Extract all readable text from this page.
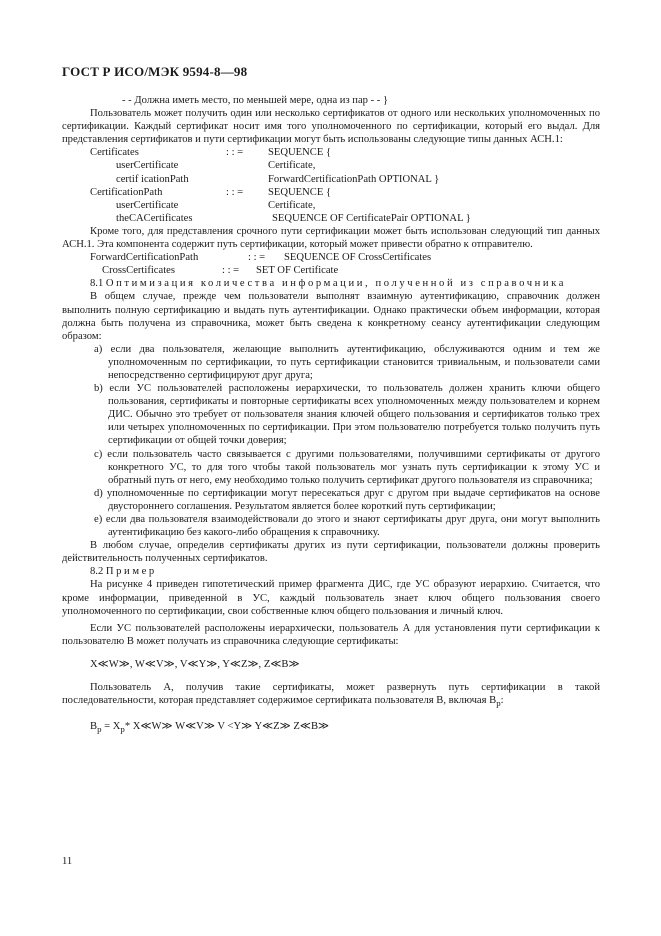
ГОСТ Р ИСО/МЭК 9594-8—98

- - Должна иметь место, по меньшей мере, одна из пар - - }

Пользователь может получить один или несколько сертификатов от одного или нескольких уполномоченных по сертификации. Каждый сертификат носит имя того уполномоченного по сертификации, который его выдал. Для представления сертификатов и пути сертификации могут быть использованы следующие типы данных АСН.1:

Certificates	: : = SEQUENCE {
userCertificate	Certificate,
certif icationPath	ForwardCertificationPath OPTIONAL }
CertificationPath	: : = SEQUENCE {
userCertificate	Certificate,
theCACertificates	SEQUENCE OF CertificatePair OPTIONAL }

Кроме того, для представления срочного пути сертификации может быть использован следующий тип данных АСН.1. Эта компонента содержит путь сертификации, который может привести обратно к отправителю.

ForwardCertificationPath	: : = SEQUENCE OF CrossCertificates
CrossCertificates	: : = SET OF Certificate

8.1 Оптимизация количества информации, полученной из справочника

В общем случае, прежде чем пользователи выполнят взаимную аутентификацию, справочник должен выполнить полную сертификацию и выдать путь аутентификации. Однако практически объем информации, которая должна быть получена из справочника, может быть сведена к конкретному сеансу аутентификации следующим образом:

а) если два пользователя, желающие выполнить аутентификацию, обслуживаются одним и тем же уполномоченным по сертификации, то путь сертификации становится тривиальным, и пользователи сами непосредственно сертифицируют друг друга;

b) если УС пользователей расположены иерархически, то пользователь должен хранить ключи общего пользования, сертификаты и повторные сертификаты всех уполномоченных между пользователем и корнем ДИС. Обычно это требует от пользователя знания ключей общего пользования и сертификатов только трех или четырех уполномоченных по сертификации. При этом пользователю потребуется только получить путь сертификации от общей точки доверия;

c) если пользователь часто связывается с другими пользователями, получившими сертификаты от другого конкретного УС, то для того чтобы такой пользователь мог узнать путь сертификации к этому УС и обратный путь от него, ему необходимо только получить сертификат другого пользователя из справочника;

d) уполномоченные по сертификации могут пересекаться друг с другом при выдаче сертификатов на основе двустороннего соглашения. Результатом является более короткий путь сертификации;

e) если два пользователя взаимодействовали до этого и знают сертификаты друг друга, они могут выполнить аутентификацию без какого-либо обращения к справочнику.

В любом случае, определив сертификаты других из пути сертификации, пользователи должны проверить действительность полученных сертификатов.

8.2 Пример

На рисунке 4 приведен гипотетический пример фрагмента ДИС, где УС образуют иерархию. Считается, что кроме информации, приведенной в УС, каждый пользователь знает ключ общего пользования своего уполномоченного по сертификации, свои собственные ключ общего пользования и личный ключ.

Если УС пользователей расположены иерархически, пользователь А для установления пути сертификации к пользователю В может получать из справочника следующие сертификаты:

X≪W≫, W≪V≫, V≪Y≫, Y≪Z≫, Z≪B≫

Пользователь А, получив такие сертификаты, может развернуть путь сертификации в такой последовательности, которая представляет содержимое сертификата пользователя В, включая $В_p$:

$B_p = X_p*$ X≪W≫ W≪V≫ V <Y≫ Y≪Z≫ Z≪B≫

11
